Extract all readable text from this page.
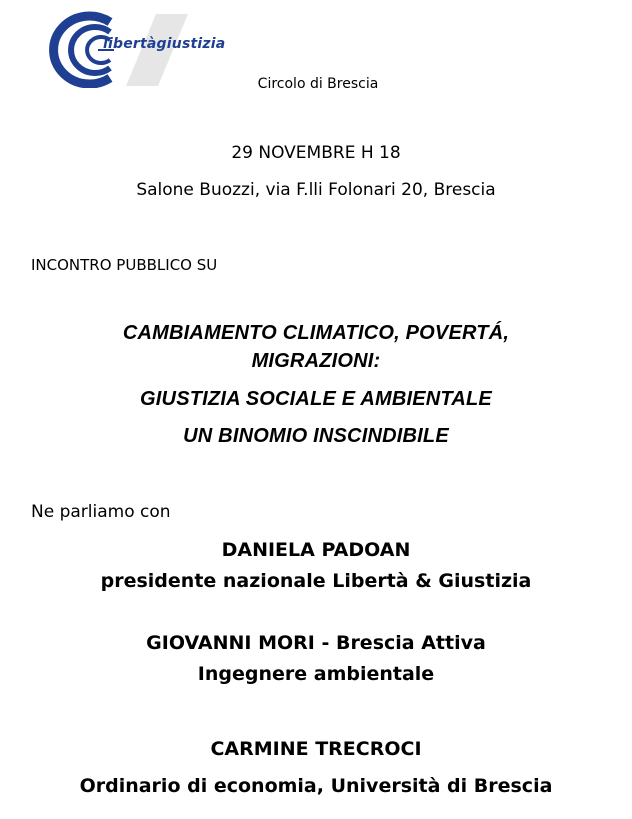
libertàgiustizia
Circolo di Brescia
29 NOVEMBRE H 18
Salone Buozzi, via F.lli Folonari 20, Brescia
INCONTRO PUBBLICO SU
CAMBIAMENTO CLIMATICO, POVERTÁ,
MIGRAZIONI:
GIUSTIZIA SOCIALE E AMBIENTALE
UN BINOMIO INSCINDIBILE
Ne parliamo con
DANIELA PADOAN
presidente nazionale Libertà & Giustizia
GIOVANNI MORI - Brescia Attiva
Ingegnere ambientale
CARMINE TRECROCI
Ordinario di economia, Università di Brescia
